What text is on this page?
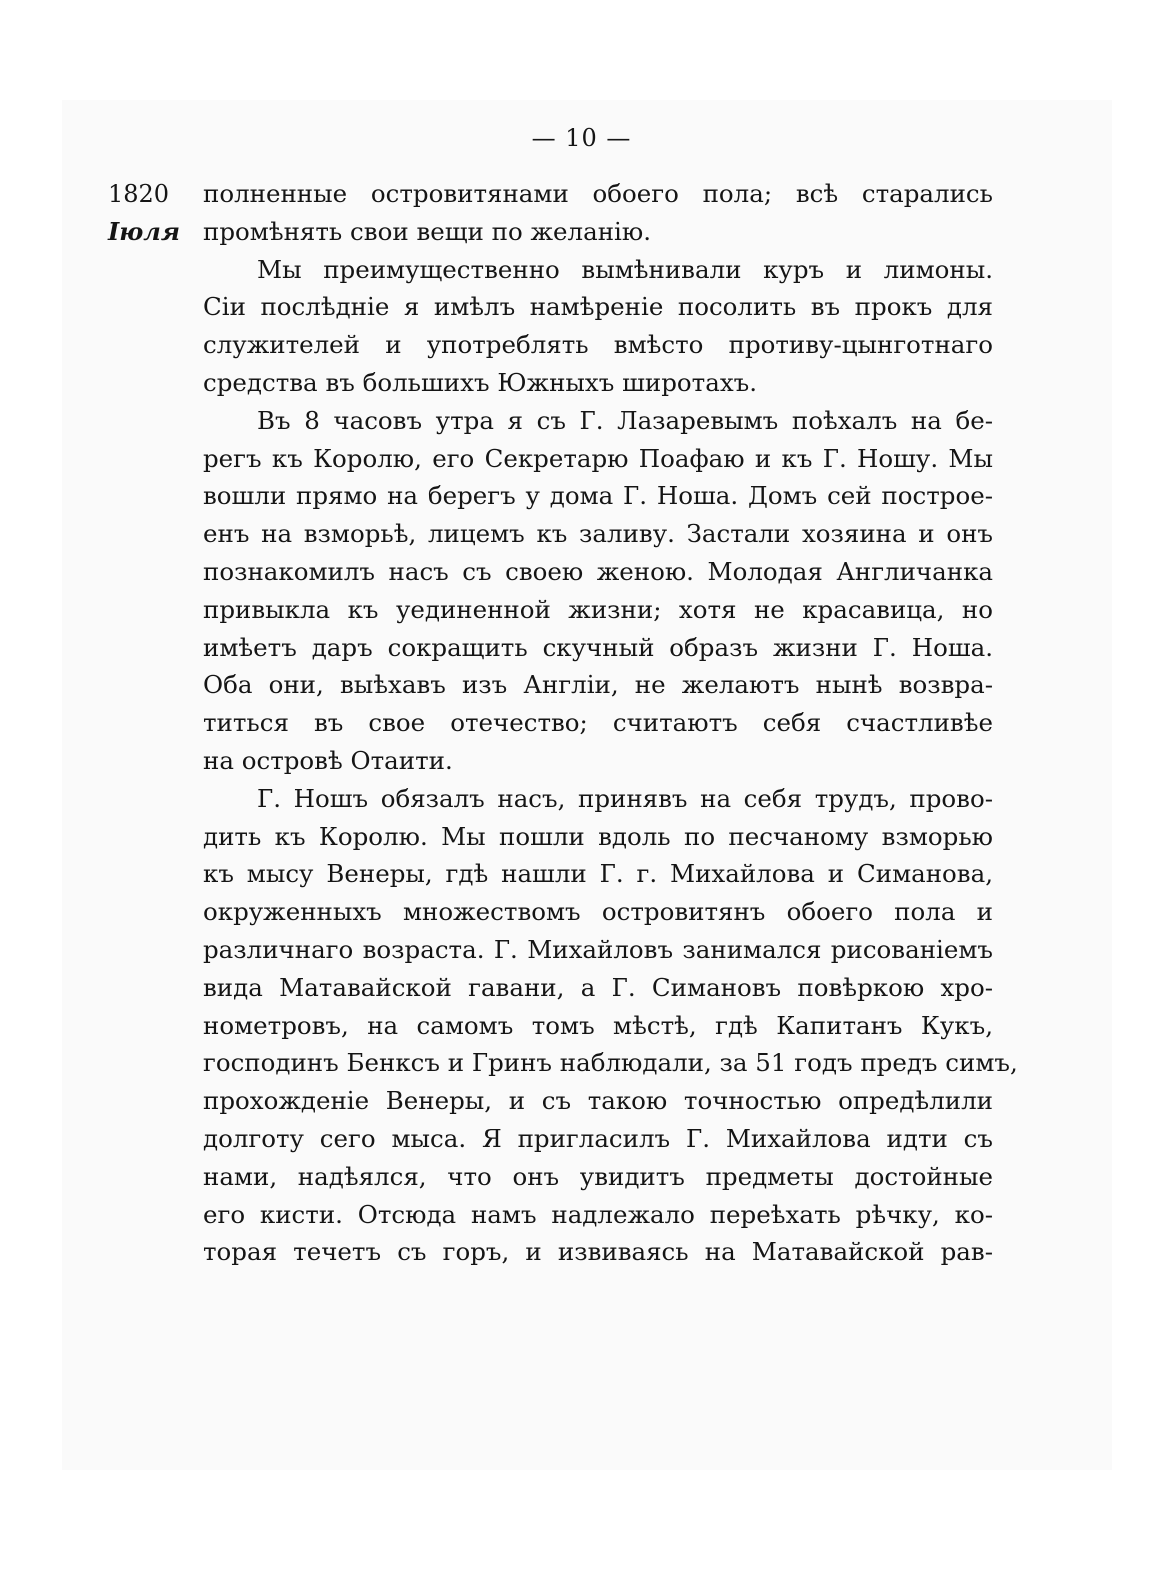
— 10 —
1820
Іюля
полненные островитянами обоего пола; всѣ старались
промѣнять свои вещи по желанію.
Мы преимущественно вымѣнивали куръ и лимоны.
Сіи послѣдніе я имѣлъ намѣреніе посолить въ прокъ для
служителей и употреблять вмѣсто противу-цынготнаго
средства въ большихъ Южныхъ широтахъ.
Въ 8 часовъ утра я съ Г. Лазаревымъ поѣхалъ на бе-
регъ къ Королю, его Секретарю Поафаю и къ Г. Ношу. Мы
вошли прямо на берегъ у дома Г. Ноша. Домъ сей построе-
енъ на взморьѣ, лицемъ къ заливу. Застали хозяина и онъ
познакомилъ насъ съ своею женою. Молодая Англичанка
привыкла къ уединенной жизни; хотя не красавица, но
имѣетъ даръ сокращить скучный образъ жизни Г. Ноша.
Оба они, выѣхавъ изъ Англіи, не желаютъ нынѣ возвра-
титься въ свое отечество; считаютъ себя счастливѣе
на островѣ Отаити.
Г. Ношъ обязалъ насъ, принявъ на себя трудъ, прово-
дить къ Королю. Мы пошли вдоль по песчаному взморью
къ мысу Венеры, гдѣ нашли Г. г. Михайлова и Симанова,
окруженныхъ множествомъ островитянъ обоего пола и
различнаго возраста. Г. Михайловъ занимался рисованіемъ
вида Матавайской гавани, а Г. Симановъ повѣркою хро-
нометровъ, на самомъ томъ мѣстѣ, гдѣ Капитанъ Кукъ,
господинъ Бенксъ и Гринъ наблюдали, за 51 годъ предъ симъ,
прохожденіе Венеры, и съ такою точностью опредѣлили
долготу сего мыса. Я пригласилъ Г. Михайлова идти съ
нами, надѣялся, что онъ увидитъ предметы достойные
его кисти. Отсюда намъ надлежало переѣхать рѣчку, ко-
торая течетъ съ горъ, и извиваясь на Матавайской рав-
